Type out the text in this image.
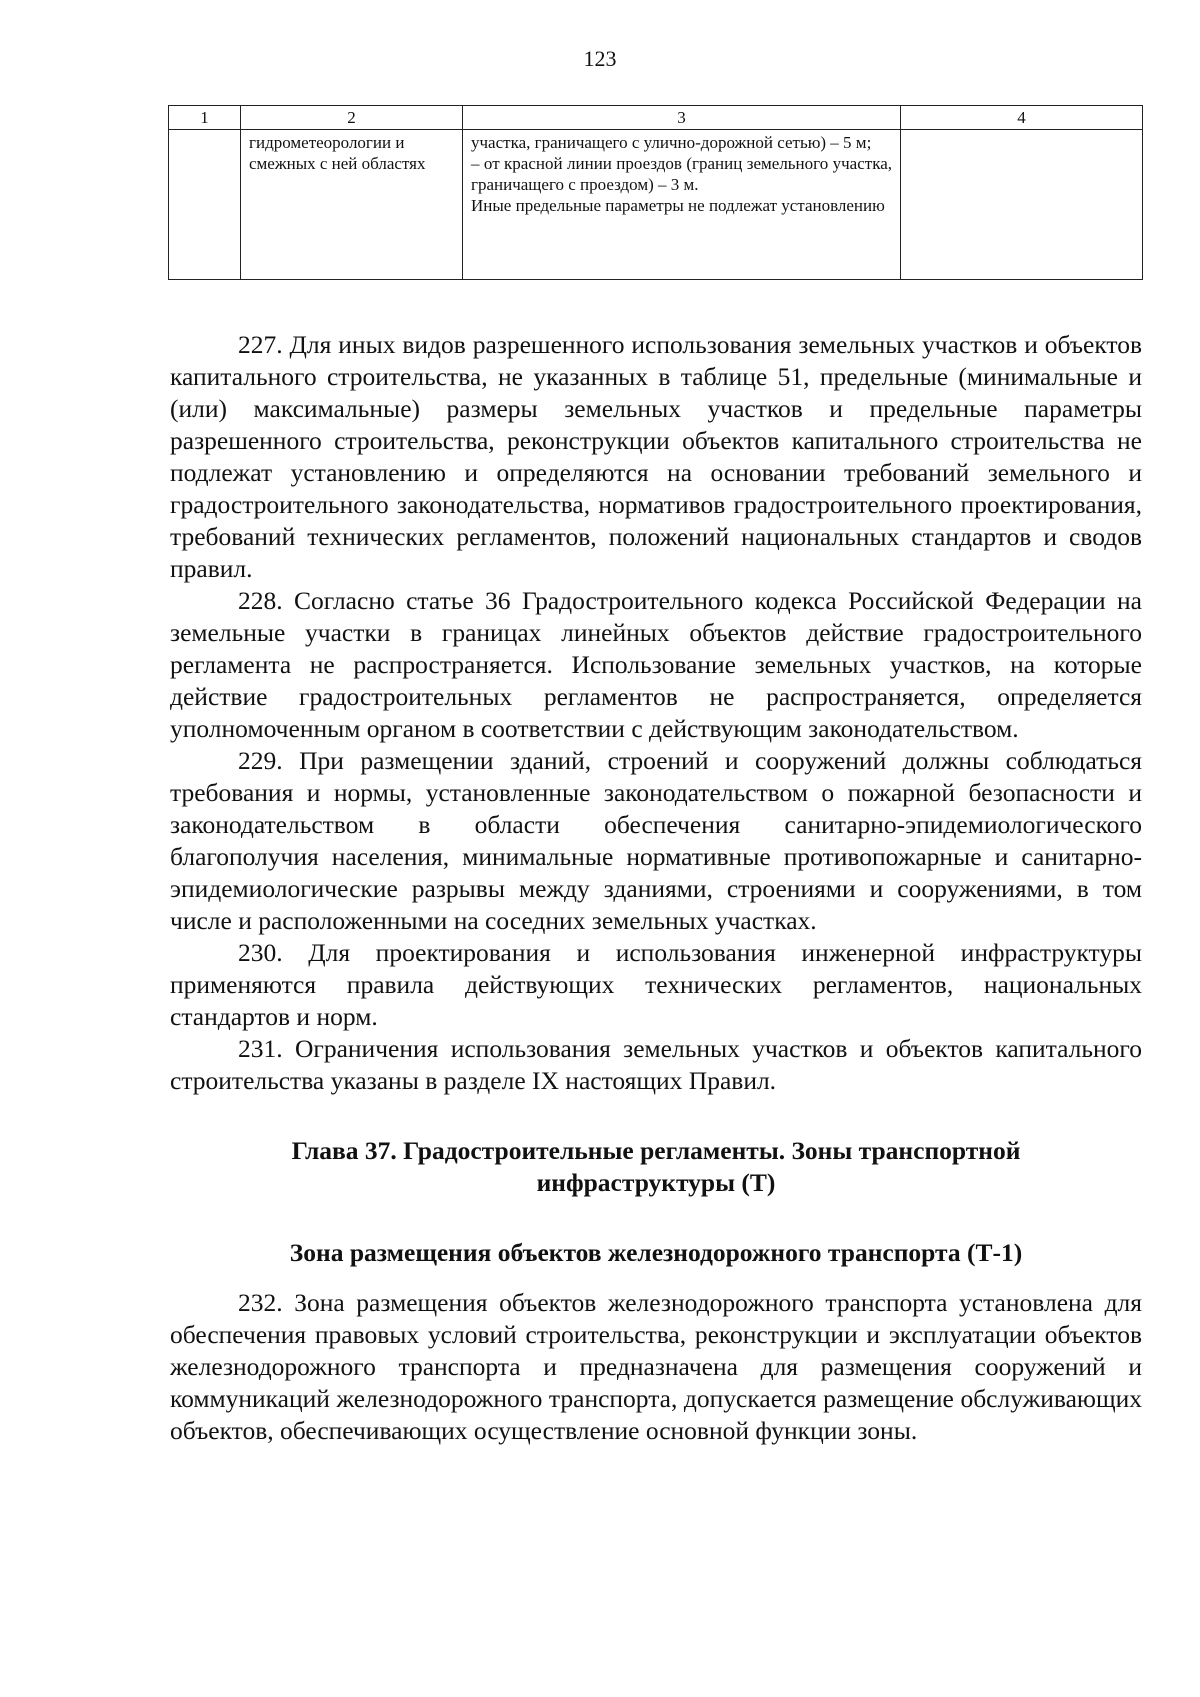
123
1	2	3	4
	гидрометеорологии и смежных с ней областях	участка, граничащего с улично-дорожной сетью) – 5 м;

– от красной линии проездов (границ земельного участка, граничащего с проездом) – 3 м.

Иные предельные параметры не подлежат установлению	

227. Для иных видов разрешенного использования земельных участков и объектов капитального строительства, не указанных в таблице 51, предельные (минимальные и (или) максимальные) размеры земельных участков и предельные параметры разрешенного строительства, реконструкции объектов капитального строительства не подлежат установлению и определяются на основании требований земельного и градостроительного законодательства, нормативов градостроительного проектирования, требований технических регламентов, положений национальных стандартов и сводов правил.

228. Согласно статье 36 Градостроительного кодекса Российской Федерации на земельные участки в границах линейных объектов действие градостроительного регламента не распространяется. Использование земельных участков, на которые действие градостроительных регламентов не распространяется, определяется уполномоченным органом в соответствии с действующим законодательством.

229. При размещении зданий, строений и сооружений должны соблюдаться требования и нормы, установленные законодательством о пожарной безопасности и законодательством в области обеспечения санитарно-эпидемиологического благополучия населения, минимальные нормативные противопожарные и санитарно-эпидемиологические разрывы между зданиями, строениями и сооружениями, в том числе и расположенными на соседних земельных участках.

230. Для проектирования и использования инженерной инфраструктуры применяются правила действующих технических регламентов, национальных стандартов и норм.

231. Ограничения использования земельных участков и объектов капитального строительства указаны в разделе IX настоящих Правил.

Глава 37. Градостроительные регламенты. Зоны транспортной
инфраструктуры (Т)
Зона размещения объектов железнодорожного транспорта (Т-1)

232. Зона размещения объектов железнодорожного транспорта установлена для обеспечения правовых условий строительства, реконструкции и эксплуатации объектов железнодорожного транспорта и предназначена для размещения сооружений и коммуникаций железнодорожного транспорта, допускается размещение обслуживающих объектов, обеспечивающих осуществление основной функции зоны.
